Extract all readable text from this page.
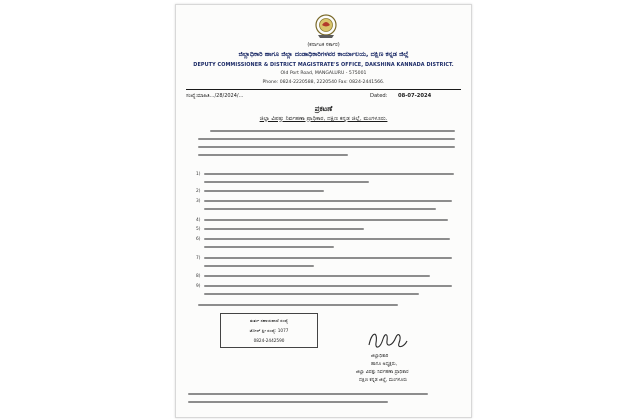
(ಕರ್ನಾಟಕ ಸರ್ಕಾರ)
ಜಿಲ್ಲಾಧಿಕಾರಿ ಹಾಗೂ ಜಿಲ್ಲಾ ದಂಡಾಧಿಕಾರಿಗಳವರ ಕಾರ್ಯಾಲಯ, ದಕ್ಷಿಣ ಕನ್ನಡ ಜಿಲ್ಲೆ
DEPUTY COMMISSIONER & DISTRICT MAGISTRATE'S OFFICE, DAKSHINA KANNADA DISTRICT.
Old Port Road, MANGALURU - 575001
Phone: 0824-2220588, 2220540 Fax: 0824-2441566.
ಸಂಖ್ಯೆ:ಮಾಹಿತಿ.../28/2024/...	Dated: 08-07-2024
ಪ್ರಕಟಣೆ
ಜಿಲ್ಲಾ ವಿಪತ್ತು ನಿರ್ವಹಣಾ ಪ್ರಾಧಿಕಾರ, ದಕ್ಷಿಣ ಕನ್ನಡ ಜಿಲ್ಲೆ, ಮಂಗಳೂರು.
1)
2)
3)
4)
5)
6)
7)
8)
9)
ತುರ್ತು ಸಹಾಯವಾಣಿ ಸಂಖ್ಯೆ
ಟೋಲ್ ಫ್ರೀ ಸಂಖ್ಯೆ: 1077
0824-2442590
ಜಿಲ್ಲಾಧಿಕಾರಿ
ಹಾಗೂ ಅಧ್ಯಕ್ಷರು,
ಜಿಲ್ಲಾ ವಿಪತ್ತು ನಿರ್ವಹಣಾ ಪ್ರಾಧಿಕಾರ
ದಕ್ಷಿಣ ಕನ್ನಡ ಜಿಲ್ಲೆ, ಮಂಗಳೂರು
